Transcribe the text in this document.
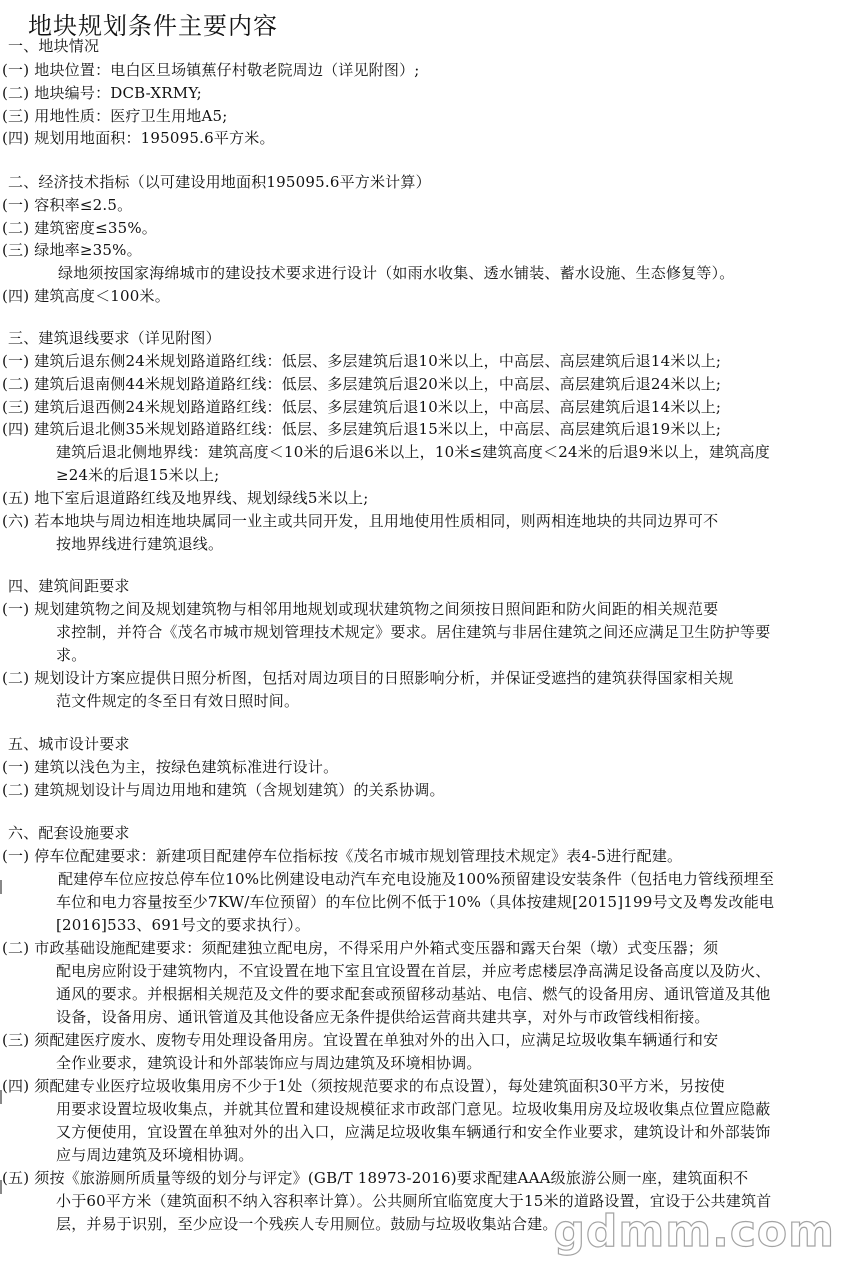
地块规划条件主要内容
一、地块情况
(一) 地块位置：电白区旦场镇蕉仔村敬老院周边（详见附图）;
(二) 地块编号：DCB-XRMY;
(三) 用地性质：医疗卫生用地A5;
(四) 规划用地面积：195095.6平方米。
二、经济技术指标（以可建设用地面积195095.6平方米计算）
(一) 容积率≤2.5。
(二) 建筑密度≤35%。
(三) 绿地率≥35%。
绿地须按国家海绵城市的建设技术要求进行设计（如雨水收集、透水铺装、蓄水设施、生态修复等）。
(四) 建筑高度＜100米。
三、建筑退线要求（详见附图）
(一) 建筑后退东侧24米规划路道路红线：低层、多层建筑后退10米以上，中高层、高层建筑后退14米以上;
(二) 建筑后退南侧44米规划路道路红线：低层、多层建筑后退20米以上，中高层、高层建筑后退24米以上;
(三) 建筑后退西侧24米规划路道路红线：低层、多层建筑后退10米以上，中高层、高层建筑后退14米以上;
(四) 建筑后退北侧35米规划路道路红线：低层、多层建筑后退15米以上，中高层、高层建筑后退19米以上;
建筑后退北侧地界线：建筑高度＜10米的后退6米以上，10米≤建筑高度＜24米的后退9米以上，建筑高度
≥24米的后退15米以上;
(五) 地下室后退道路红线及地界线、规划绿线5米以上;
(六) 若本地块与周边相连地块属同一业主或共同开发，且用地使用性质相同，则两相连地块的共同边界可不
按地界线进行建筑退线。
四、建筑间距要求
(一) 规划建筑物之间及规划建筑物与相邻用地规划或现状建筑物之间须按日照间距和防火间距的相关规范要
求控制，并符合《茂名市城市规划管理技术规定》要求。居住建筑与非居住建筑之间还应满足卫生防护等要
求。
(二) 规划设计方案应提供日照分析图，包括对周边项目的日照影响分析，并保证受遮挡的建筑获得国家相关规
范文件规定的冬至日有效日照时间。
五、城市设计要求
(一) 建筑以浅色为主，按绿色建筑标准进行设计。
(二) 建筑规划设计与周边用地和建筑（含规划建筑）的关系协调。
六、配套设施要求
(一) 停车位配建要求：新建项目配建停车位指标按《茂名市城市规划管理技术规定》表4-5进行配建。
配建停车位应按总停车位10%比例建设电动汽车充电设施及100%预留建设安装条件（包括电力管线预埋至
车位和电力容量按至少7KW/车位预留）的车位比例不低于10%（具体按建规[2015]199号文及粤发改能电
[2016]533、691号文的要求执行）。
(二) 市政基础设施配建要求：须配建独立配电房，不得采用户外箱式变压器和露天台架（墩）式变压器；须
配电房应附设于建筑物内，不宜设置在地下室且宜设置在首层，并应考虑楼层净高满足设备高度以及防火、
通风的要求。并根据相关规范及文件的要求配套或预留移动基站、电信、燃气的设备用房、通讯管道及其他
设备，设备用房、通讯管道及其他设备应无条件提供给运营商共建共享，对外与市政管线相衔接。
(三) 须配建医疗废水、废物专用处理设备用房。宜设置在单独对外的出入口，应满足垃圾收集车辆通行和安
全作业要求，建筑设计和外部装饰应与周边建筑及环境相协调。
(四) 须配建专业医疗垃圾收集用房不少于1处（须按规范要求的布点设置），每处建筑面积30平方米，另按使
用要求设置垃圾收集点，并就其位置和建设规模征求市政部门意见。垃圾收集用房及垃圾收集点位置应隐蔽
又方便使用，宜设置在单独对外的出入口，应满足垃圾收集车辆通行和安全作业要求，建筑设计和外部装饰
应与周边建筑及环境相协调。
(五) 须按《旅游厕所质量等级的划分与评定》(GB/T 18973-2016)要求配建AAA级旅游公厕一座，建筑面积不
小于60平方米（建筑面积不纳入容积率计算）。公共厕所宜临宽度大于15米的道路设置，宜设于公共建筑首
层，并易于识别，至少应设一个残疾人专用厕位。鼓励与垃圾收集站合建。
gdmm.com
